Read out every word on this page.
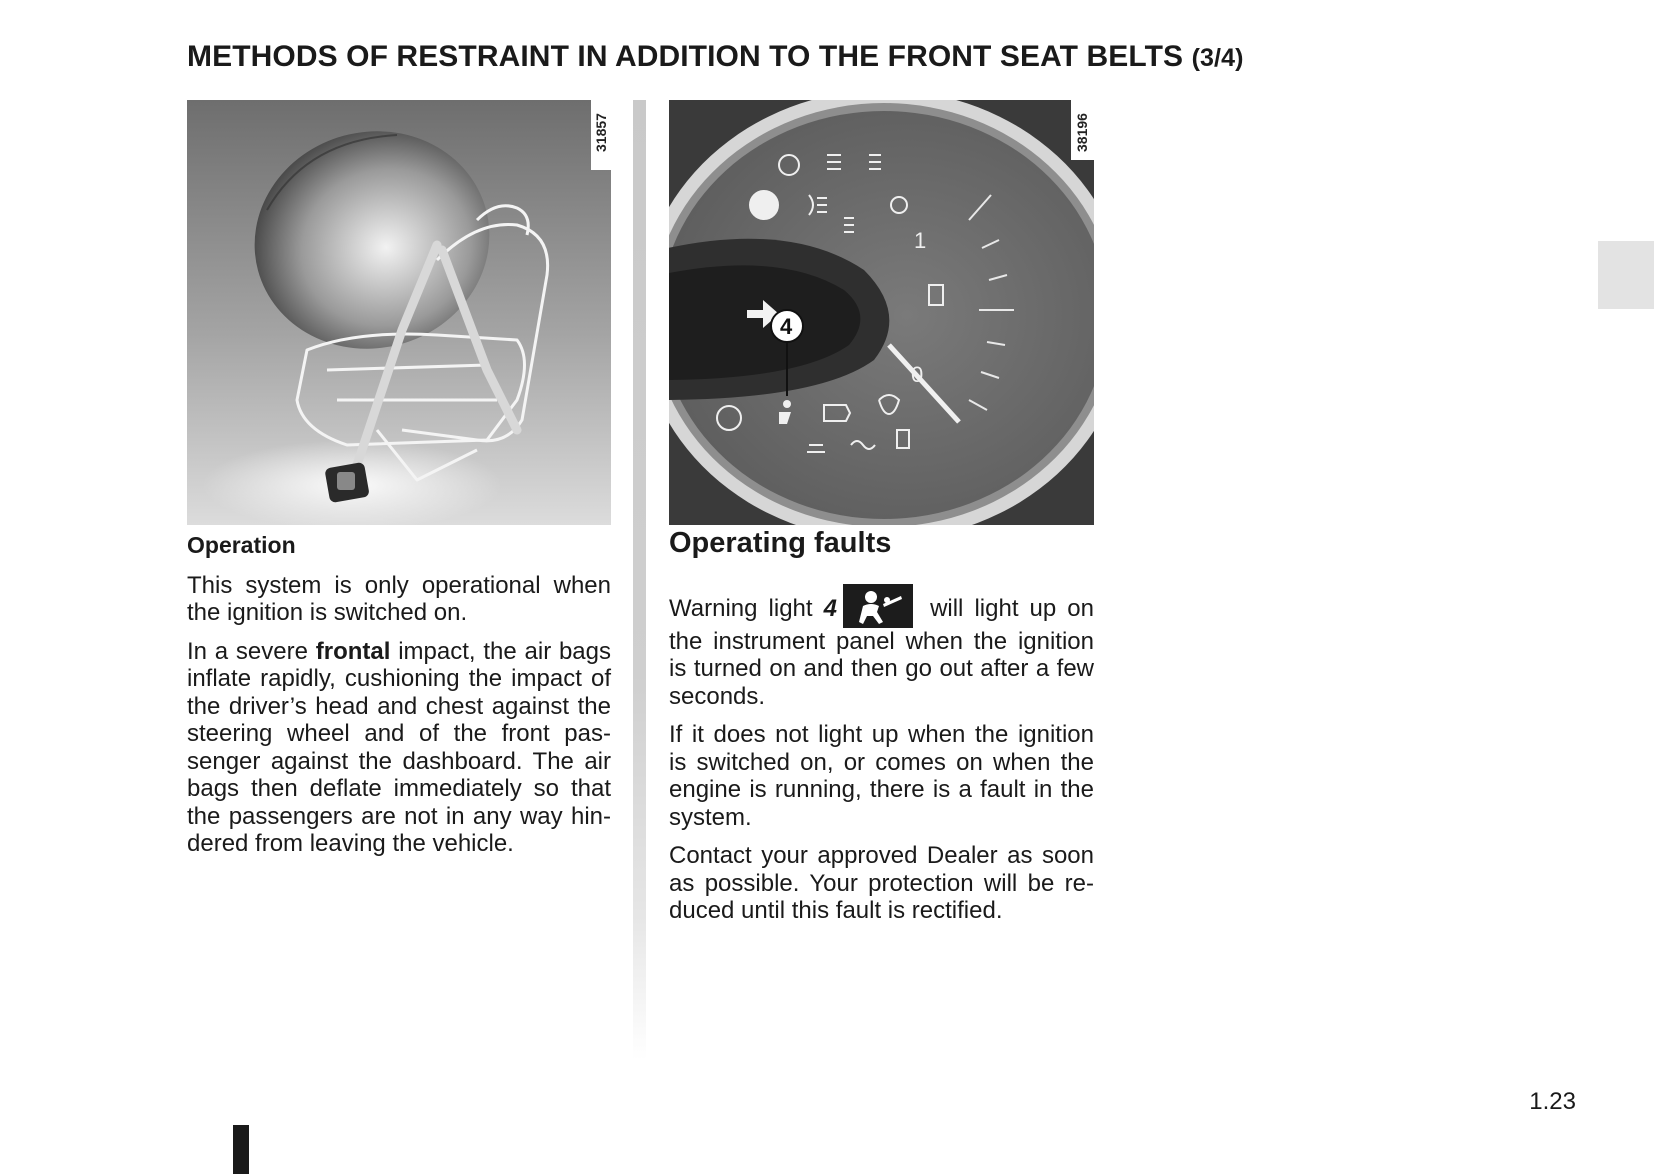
METHODS OF RESTRAINT IN ADDITION TO THE FRONT SEAT BELTS (3/4)
31857
1
0
4
38196
Operation

This system is only operational when the ignition is switched on.

In a severe frontal impact, the air bags inflate rapidly, cushioning the impact of the driver’s head and chest against the steering wheel and of the front passenger against the dashboard. The air bags then deflate immediately so that the passengers are not in any way hindered from leaving the vehicle.

Operating faults

Warning light 4	will light up on the instrument panel when the ignition is turned on and then go out after a few seconds.

If it does not light up when the ignition is switched on, or comes on when the engine is running, there is a fault in the system.

Contact your approved Dealer as soon as possible. Your protection will be reduced until this fault is rectified.

1.23
